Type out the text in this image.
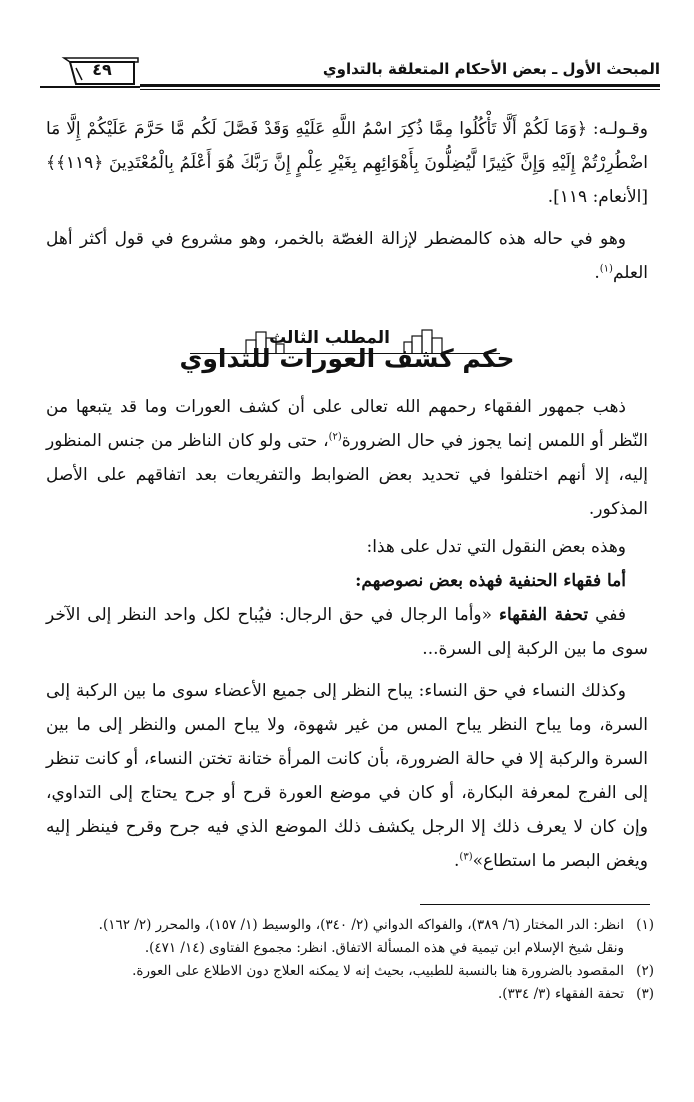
المبحث الأول ـ بعض الأحكام المتعلقة بالتداوي
٤٩

وقـولـه: ﴿وَمَا لَكُمْ أَلَّا تَأْكُلُوا مِمَّا ذُكِرَ اسْمُ اللَّهِ عَلَيْهِ وَقَدْ فَصَّلَ لَكُم مَّا حَرَّمَ عَلَيْكُمْ إِلَّا مَا اضْطُرِرْتُمْ إِلَيْهِ وَإِنَّ كَثِيرًا لَّيُضِلُّونَ بِأَهْوَائِهِم بِغَيْرِ عِلْمٍ إِنَّ رَبَّكَ هُوَ أَعْلَمُ بِالْمُعْتَدِينَ ﴿١١٩﴾﴾ [الأنعام: ١١٩].

وهو في حاله هذه كالمضطر لإزالة الغصّة بالخمر، وهو مشروع في قول أكثر أهل العلم$^{(١)}$.

المطلب الثالث
حكم كشف العورات للتداوي

ذهب جمهور الفقهاء رحمهم الله تعالى على أن كشف العورات وما قد يتبعها من النّظر أو اللمس إنما يجوز في حال الضرورة$^{(٢)}$، حتى ولو كان الناظر من جنس المنظور إليه، إلا أنهم اختلفوا في تحديد بعض الضوابط والتفريعات بعد اتفاقهم على الأصل المذكور.

وهذه بعض النقول التي تدل على هذا:

أما فقهاء الحنفية فهذه بعض نصوصهم:

ففي تحفة الفقهاء «وأما الرجال في حق الرجال: فيُباح لكل واحد النظر إلى الآخر سوى ما بين الركبة إلى السرة...

وكذلك النساء في حق النساء: يباح النظر إلى جميع الأعضاء سوى ما بين الركبة إلى السرة، وما يباح النظر يباح المس من غير شهوة، ولا يباح المس والنظر إلى ما بين السرة والركبة إلا في حالة الضرورة، بأن كانت المرأة ختانة تختن النساء، أو كانت تنظر إلى الفرج لمعرفة البكارة، أو كان في موضع العورة قرح أو جرح يحتاج إلى التداوي، وإن كان لا يعرف ذلك إلا الرجل يكشف ذلك الموضع الذي فيه جرح وقرح فينظر إليه ويغض البصر ما استطاع»$^{(٣)}$.

(١)
انظر: الدر المختار (٦/ ٣٨٩)، والفواكه الدواني (٢/ ٣٤٠)، والوسيط (١/ ١٥٧)، والمحرر (٢/ ١٦٢).
ونقل شيخ الإسلام ابن تيمية في هذه المسألة الاتفاق. انظر: مجموع الفتاوى (١٤/ ٤٧١).
(٢)
المقصود بالضرورة هنا بالنسبة للطبيب، بحيث إنه لا يمكنه العلاج دون الاطلاع على العورة.
(٣)
تحفة الفقهاء (٣/ ٣٣٤).
